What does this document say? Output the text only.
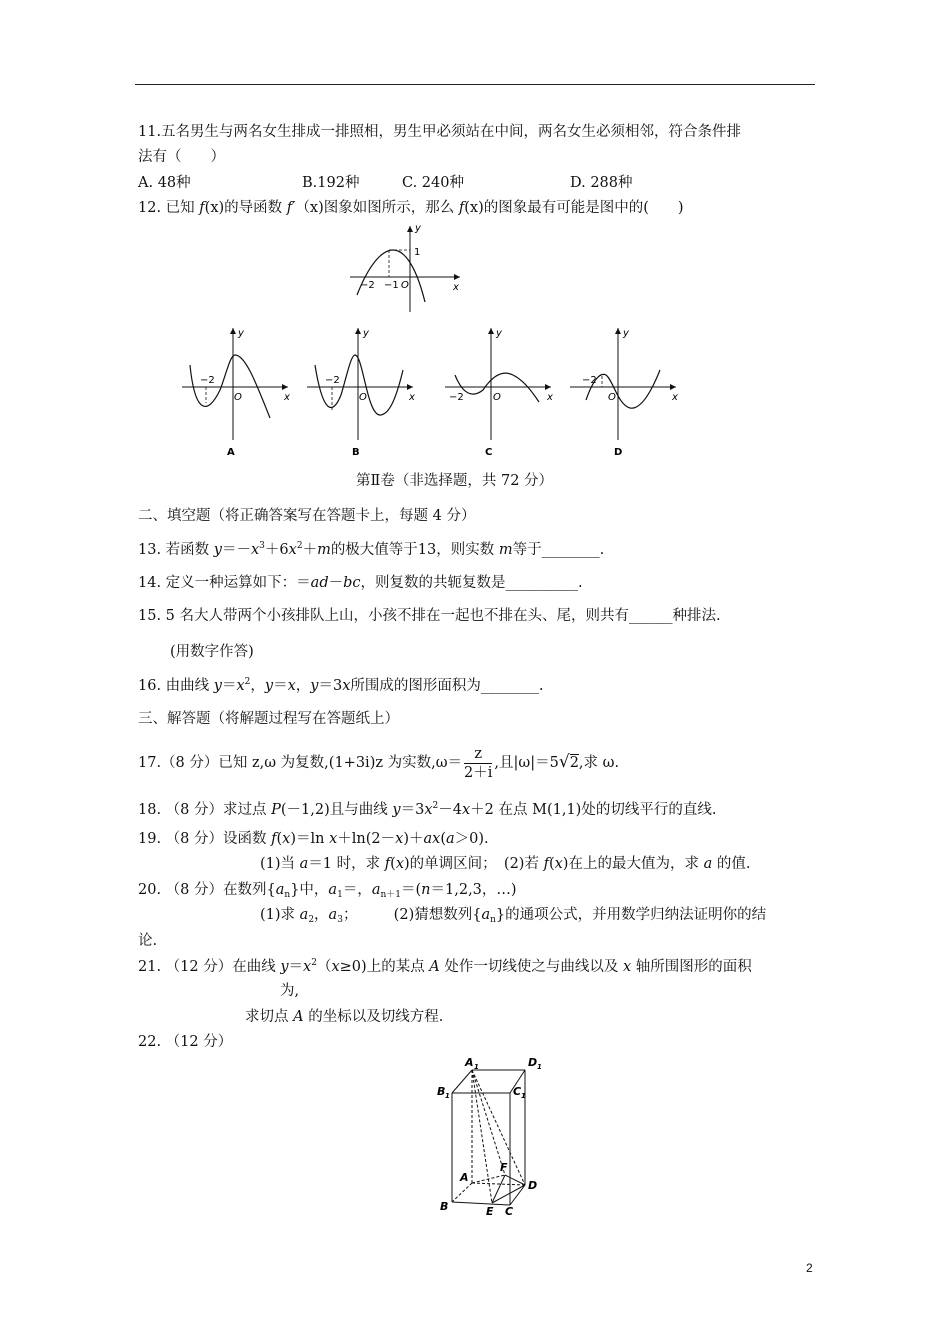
11.五名男生与两名女生排成一排照相，男生甲必须站在中间，两名女生必须相邻，符合条件排
法有（　　）
A. 48种	B.192种	C. 240种	D. 288种
12. 已知 f(x)的导函数 f′（x)图象如图所示，那么 f(x)的图象最有可能是图中的(　　)
y
x
1
−2 −1 O
y
x
−2
O
A
y
x
−2
O
B
y
x
−2	O
C
y
x
−2
O
D
第Ⅱ卷（非选择题，共 72 分）
二、填空题（将正确答案写在答题卡上，每题 4 分）
13. 若函数 $y=-x^3+6x^2+m$的极大值等于13，则实数 m等于________.
14. 定义一种运算如下：＝ad－bc，则复数的共轭复数是__________.
15. 5 名大人带两个小孩排队上山，小孩不排在一起也不排在头、尾，则共有______种排法.
(用数字作答)
16. 由曲线 $y=x^2$，y＝x，y＝3x所围成的图形面积为________.
三、解答题（将解题过程写在答题纸上）
17.（8 分）已知 z,ω 为复数,(1+3i)z 为实数$,\omega= \frac{z}{2+i}$ ,且|ω|＝5√2,求 ω.
18. （8 分）求过点 P(－1,2)且与曲线 $y=3x^2-4x+2$ 在点 M(1,1)处的切线平行的直线.
19. （8 分）设函数 f(x)＝ln x＋ln(2－x)＋ax(a＞0).
(1)当 a＝1 时，求 f(x)的单调区间；　(2)若 f(x)在上的最大值为，求 a 的值.
20. （8 分）在数列$\{a_n\}$中，$a_1=$，$a_{n+1}=(n=1,2,3$，…)
(1)求 $a_2$，$a_3$；　　　(2)猜想数列$\{a_n\}$的通项公式，并用数学归纳法证明你的结
论.
21. （12 分）在曲线 $y=x^2(x\ge 0)$上的某点 A 处作一切线使之与曲线以及 x 轴所围图形的面积
为,
求切点 A 的坐标以及切线方程.
22. （12 分）
A 1	D 1
B 1	C 1
F
A
D
B	E C
2
